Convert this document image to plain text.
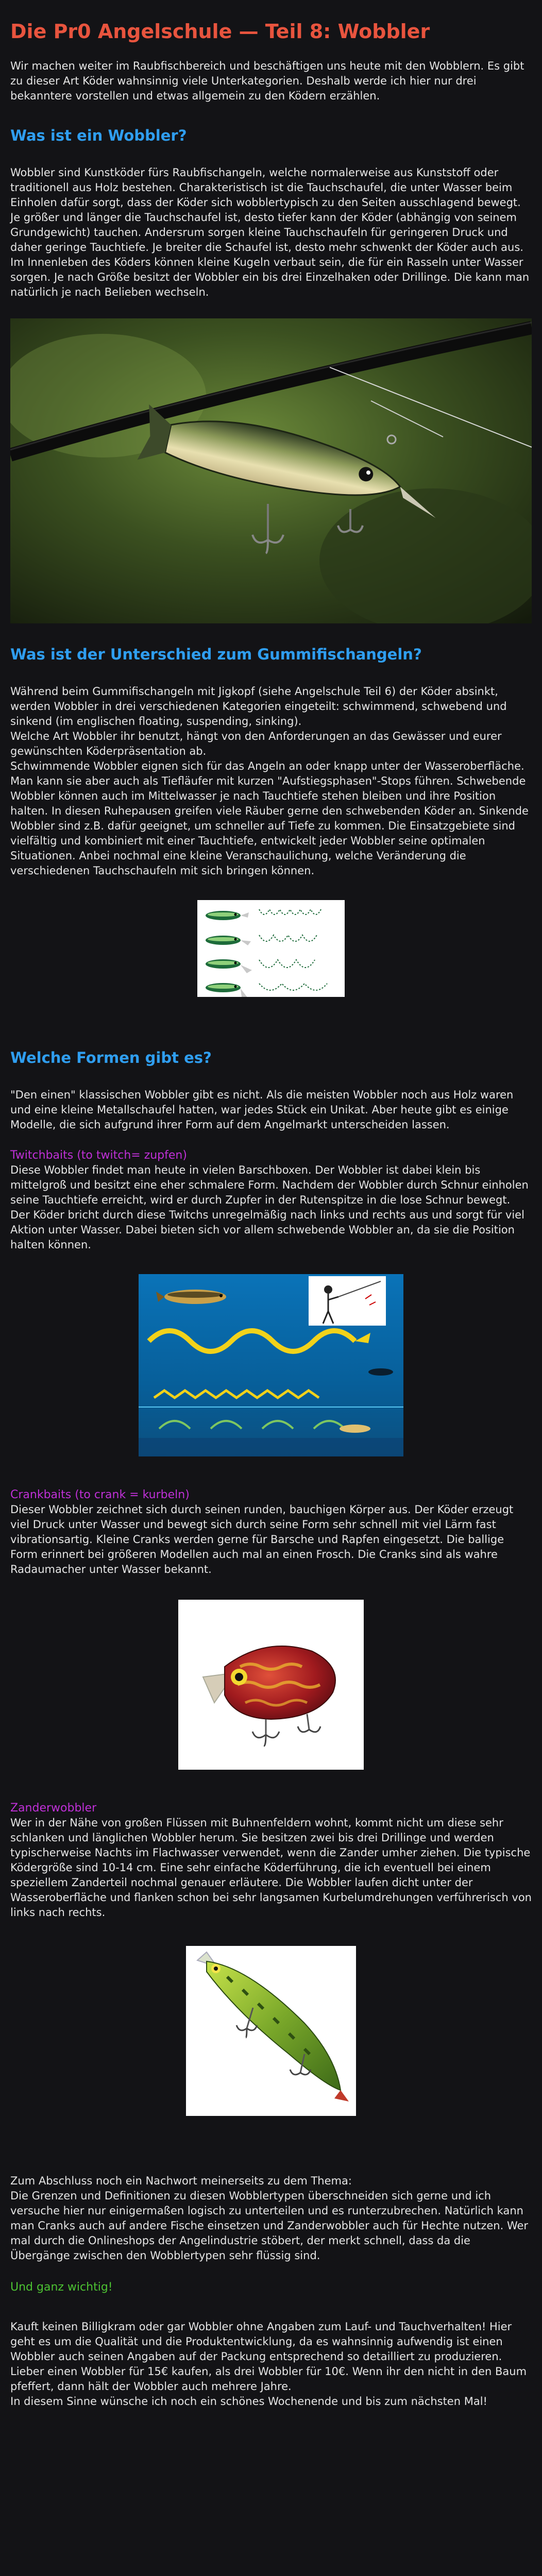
Die Pr0 Angelschule — Teil 8: Wobbler

Wir machen weiter im Raubfischbereich und beschäftigen uns heute mit den Wobblern. Es gibt zu dieser Art Köder wahnsinnig viele Unterkategorien. Deshalb werde ich hier nur drei bekanntere vorstellen und etwas allgemein zu den Ködern erzählen.

Was ist ein Wobbler?

Wobbler sind Kunstköder fürs Raubfischangeln, welche normalerweise aus Kunststoff oder traditionell aus Holz bestehen. Charakteristisch ist die Tauchschaufel, die unter Wasser beim Einholen dafür sorgt, dass der Köder sich wobblertypisch zu den Seiten ausschlagend bewegt. Je größer und länger die Tauchschaufel ist, desto tiefer kann der Köder (abhängig von seinem Grundgewicht) tauchen. Andersrum sorgen kleine Tauchschaufeln für geringeren Druck und daher geringe Tauchtiefe. Je breiter die Schaufel ist, desto mehr schwenkt der Köder auch aus.

Im Innenleben des Köders können kleine Kugeln verbaut sein, die für ein Rasseln unter Wasser sorgen. Je nach Größe besitzt der Wobbler ein bis drei Einzelhaken oder Drillinge. Die kann man natürlich je nach Belieben wechseln.

Was ist der Unterschied zum Gummifischangeln?

Während beim Gummifischangeln mit Jigkopf (siehe Angelschule Teil 6) der Köder absinkt, werden Wobbler in drei verschiedenen Kategorien eingeteilt: schwimmend, schwebend und sinkend (im englischen floating, suspending, sinking).

Welche Art Wobbler ihr benutzt, hängt von den Anforderungen an das Gewässer und eurer gewünschten Köderpräsentation ab.

Schwimmende Wobbler eignen sich für das Angeln an oder knapp unter der Wasseroberfläche. Man kann sie aber auch als Tiefläufer mit kurzen "Aufstiegsphasen"-Stops führen. Schwebende Wobbler können auch im Mittelwasser je nach Tauchtiefe stehen bleiben und ihre Position halten. In diesen Ruhepausen greifen viele Räuber gerne den schwebenden Köder an. Sinkende Wobbler sind z.B. dafür geeignet, um schneller auf Tiefe zu kommen. Die Einsatzgebiete sind vielfältig und kombiniert mit einer Tauchtiefe, entwickelt jeder Wobbler seine optimalen Situationen. Anbei nochmal eine kleine Veranschaulichung, welche Veränderung die verschiedenen Tauchschaufeln mit sich bringen können.

Welche Formen gibt es?

"Den einen" klassischen Wobbler gibt es nicht. Als die meisten Wobbler noch aus Holz waren und eine kleine Metallschaufel hatten, war jedes Stück ein Unikat. Aber heute gibt es einige Modelle, die sich aufgrund ihrer Form auf dem Angelmarkt unterscheiden lassen.

Twitchbaits (to twitch= zupfen)

Diese Wobbler findet man heute in vielen Barschboxen. Der Wobbler ist dabei klein bis mittelgroß und besitzt eine eher schmalere Form. Nachdem der Wobbler durch Schnur einholen seine Tauchtiefe erreicht, wird er durch Zupfer in der Rutenspitze in die lose Schnur bewegt. Der Köder bricht durch diese Twitchs unregelmäßig nach links und rechts aus und sorgt für viel Aktion unter Wasser. Dabei bieten sich vor allem schwebende Wobbler an, da sie die Position halten können.

Crankbaits (to crank = kurbeln)

Dieser Wobbler zeichnet sich durch seinen runden, bauchigen Körper aus. Der Köder erzeugt viel Druck unter Wasser und bewegt sich durch seine Form sehr schnell mit viel Lärm fast vibrationsartig. Kleine Cranks werden gerne für Barsche und Rapfen eingesetzt. Die ballige Form erinnert bei größeren Modellen auch mal an einen Frosch. Die Cranks sind als wahre Radaumacher unter Wasser bekannt.

Zanderwobbler

Wer in der Nähe von großen Flüssen mit Buhnenfeldern wohnt, kommt nicht um diese sehr schlanken und länglichen Wobbler herum. Sie besitzen zwei bis drei Drillinge und werden typischerweise Nachts im Flachwasser verwendet, wenn die Zander umher ziehen. Die typische Ködergröße sind 10-14 cm. Eine sehr einfache Köderführung, die ich eventuell bei einem speziellem Zanderteil nochmal genauer erläutere. Die Wobbler laufen dicht unter der Wasseroberfläche und flanken schon bei sehr langsamen Kurbelumdrehungen verführerisch von links nach rechts.

Zum Abschluss noch ein Nachwort meinerseits zu dem Thema:

Die Grenzen und Definitionen zu diesen Wobblertypen überschneiden sich gerne und ich versuche hier nur einigermaßen logisch zu unterteilen und es runterzubrechen. Natürlich kann man Cranks auch auf andere Fische einsetzen und Zanderwobbler auch für Hechte nutzen. Wer mal durch die Onlineshops der Angelindustrie stöbert, der merkt schnell, dass da die Übergänge zwischen den Wobblertypen sehr flüssig sind.

Und ganz wichtig!

Kauft keinen Billigkram oder gar Wobbler ohne Angaben zum Lauf- und Tauchverhalten! Hier geht es um die Qualität und die Produktentwicklung, da es wahnsinnig aufwendig ist einen Wobbler auch seinen Angaben auf der Packung entsprechend so detailliert zu produzieren. Lieber einen Wobbler für 15€ kaufen, als drei Wobbler für 10€. Wenn ihr den nicht in den Baum pfeffert, dann hält der Wobbler auch mehrere Jahre.

In diesem Sinne wünsche ich noch ein schönes Wochenende und bis zum nächsten Mal!
